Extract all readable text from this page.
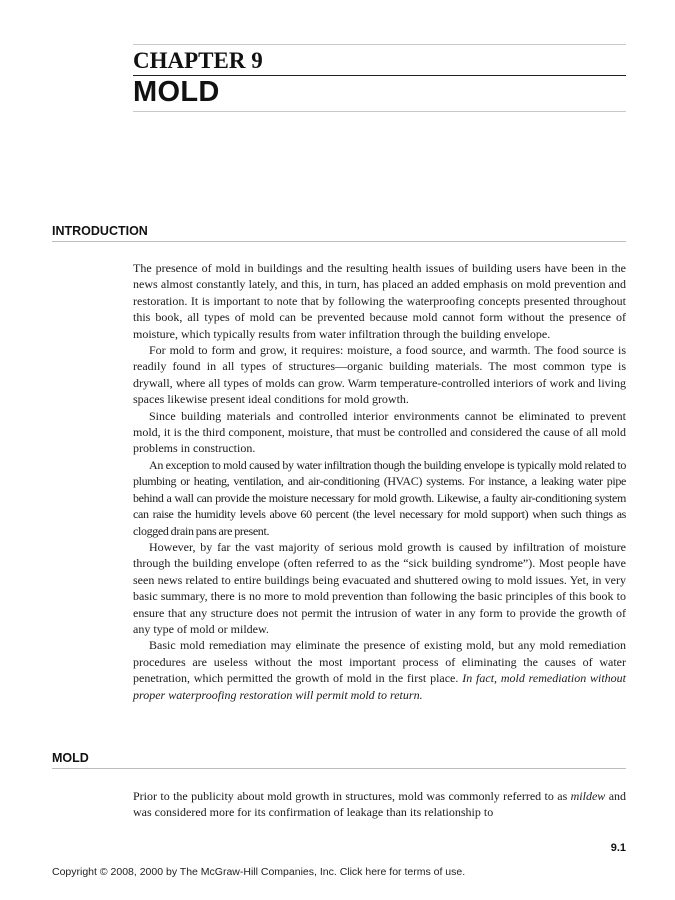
CHAPTER 9
MOLD
INTRODUCTION

The presence of mold in buildings and the resulting health issues of building users have been in the news almost constantly lately, and this, in turn, has placed an added emphasis on mold prevention and restoration. It is important to note that by following the waterproofing concepts presented throughout this book, all types of mold can be prevented because mold cannot form without the presence of moisture, which typically results from water infiltration through the building envelope.

For mold to form and grow, it requires: moisture, a food source, and warmth. The food source is readily found in all types of structures—organic building materials. The most common type is drywall, where all types of molds can grow. Warm temperature-controlled interiors of work and living spaces likewise present ideal conditions for mold growth.

Since building materials and controlled interior environments cannot be eliminated to prevent mold, it is the third component, moisture, that must be controlled and considered the cause of all mold problems in construction.

An exception to mold caused by water infiltration though the building envelope is typically mold related to plumbing or heating, ventilation, and air-conditioning (HVAC) systems. For instance, a leaking water pipe behind a wall can provide the moisture necessary for mold growth. Likewise, a faulty air-conditioning system can raise the humidity levels above 60 percent (the level necessary for mold support) when such things as clogged drain pans are present.

However, by far the vast majority of serious mold growth is caused by infiltration of moisture through the building envelope (often referred to as the “sick building syndrome”). Most people have seen news related to entire buildings being evacuated and shuttered owing to mold issues. Yet, in very basic summary, there is no more to mold prevention than following the basic principles of this book to ensure that any structure does not permit the intrusion of water in any form to provide the growth of any type of mold or mildew.

Basic mold remediation may eliminate the presence of existing mold, but any mold remediation procedures are useless without the most important process of eliminating the causes of water penetration, which permitted the growth of mold in the first place. In fact, mold remediation without proper waterproofing restoration will permit mold to return.

MOLD

Prior to the publicity about mold growth in structures, mold was commonly referred to as mildew and was considered more for its confirmation of leakage than its relationship to

9.1
Copyright © 2008, 2000 by The McGraw-Hill Companies, Inc. Click here for terms of use.
